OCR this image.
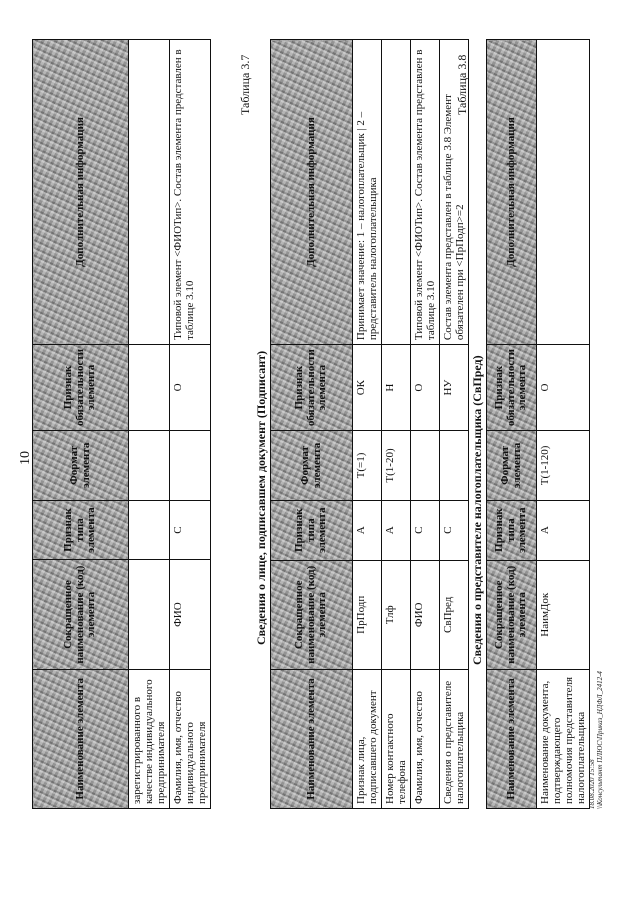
10
Наименование элемента	Сокращенное наименование (код) элемента	Признак типа элемента	Формат элемента	Признак обязательности элемента	Дополнительная информация
зарегистрированного в качестве индивидуального предпринимателя					
Фамилия, имя, отчество индивидуального предпринимателя	ФИО	С		О	Типовой элемент <ФИОТип>. Состав элемента представлен в таблице 3.10
Таблица 3.7
Сведения о лице, подписавшем документ (Подписант)
Наименование элемента	Сокращенное наименование (код) элемента	Признак типа элемента	Формат элемента	Признак обязательности элемента	Дополнительная информация
Признак лица, подписавшего документ	ПрПодп	А	Т(=1)	ОК	Принимает значение: 1 – налогоплательщик | 2 – представитель налогоплательщика
Номер контактного телефона	Тлф	А	Т(1-20)	Н	
Фамилия, имя, отчество	ФИО	С		О	Типовой элемент <ФИОТип>. Состав элемента представлен в таблице 3.10
Сведения о представителе налогоплательщика	СвПред	С		НУ	Состав элемента представлен в таблице 3.8 Элемент обязателен при <ПрПодп>=2
Таблица 3.8
Сведения о представителе налогоплательщика (СвПред)
Наименование элемента	Сокращенное наименование (код) элемента	Признак типа элемента	Формат элемента	Признак обязательности элемента	Дополнительная информация
Наименование документа, подтверждающего полномочия представителя налогоплательщика	НаимДок	А	Т(1-120)	О	
18.08.2020 15:58 \\Консультант ПЛЮС\Приказ_НДФЛ_2412-4
